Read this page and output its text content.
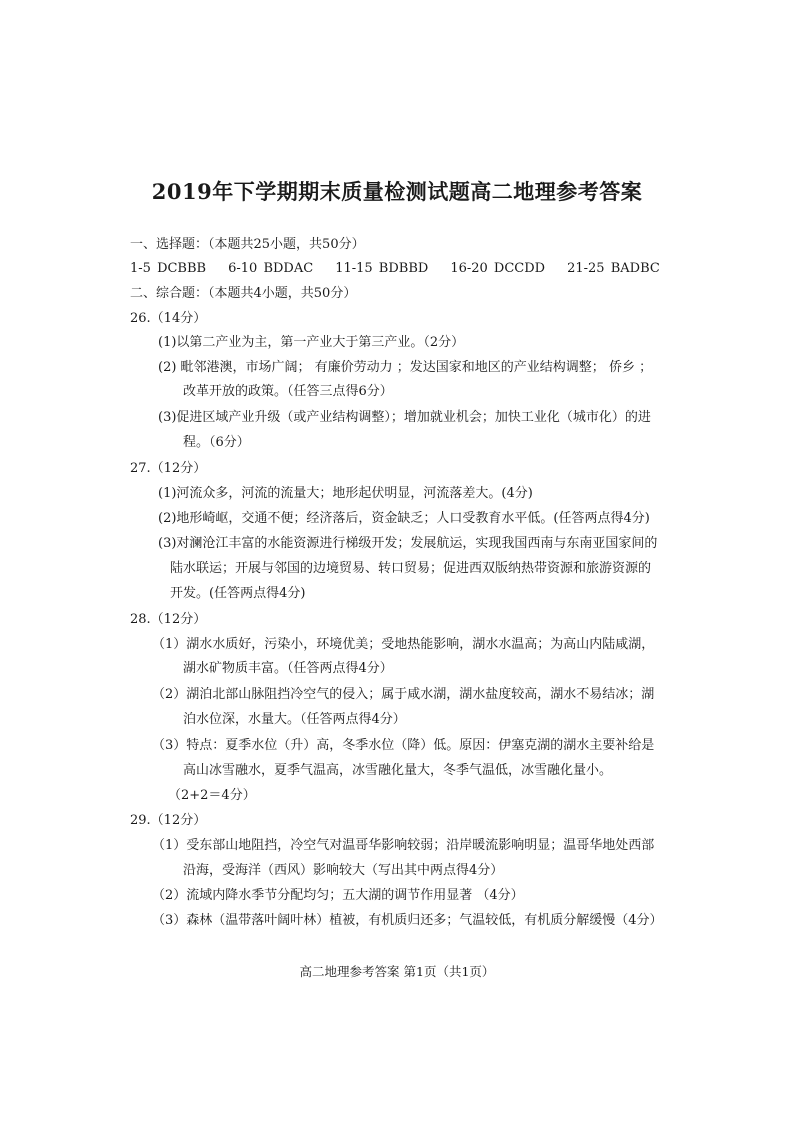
2019年下学期期末质量检测试题高二地理参考答案
一、选择题：（本题共25小题，共50分）
1-5 DCBBB 6-10 BDDAC 11-15 BDBBD 16-20 DCCDD 21-25 BADBC
二、综合题：（本题共4小题，共50分）
26.（14分）
(1)以第二产业为主，第一产业大于第三产业。（2分）
(2) 毗邻港澳，市场广阔； 有廉价劳动力 ；发达国家和地区的产业结构调整； 侨乡 ；
改革开放的政策。（任答三点得6分）
(3)促进区域产业升级（或产业结构调整）；增加就业机会；加快工业化（城市化）的进
程。（6分）
27.（12分）
(1)河流众多，河流的流量大；地形起伏明显，河流落差大。(4分)
(2)地形崎岖，交通不便；经济落后，资金缺乏；人口受教育水平低。(任答两点得4分)
(3)对澜沧江丰富的水能资源进行梯级开发；发展航运，实现我国西南与东南亚国家间的
陆水联运；开展与邻国的边境贸易、转口贸易；促进西双版纳热带资源和旅游资源的
开发。(任答两点得4分)
28.（12分）
（1）湖水水质好，污染小，环境优美；受地热能影响，湖水水温高；为高山内陆咸湖，
湖水矿物质丰富。（任答两点得4分）
（2）湖泊北部山脉阻挡冷空气的侵入；属于咸水湖，湖水盐度较高，湖水不易结冰；湖
泊水位深，水量大。（任答两点得4分）
（3）特点：夏季水位（升）高，冬季水位（降）低。原因：伊塞克湖的湖水主要补给是
高山冰雪融水，夏季气温高，冰雪融化量大，冬季气温低，冰雪融化量小。
（2+2＝4分）
29.（12分）
（1）受东部山地阻挡，冷空气对温哥华影响较弱；沿岸暖流影响明显；温哥华地处西部
沿海，受海洋（西风）影响较大（写出其中两点得4分）
（2）流域内降水季节分配均匀；五大湖的调节作用显著 （4分）
（3）森林（温带落叶阔叶林）植被，有机质归还多；气温较低，有机质分解缓慢（4分）
高二地理参考答案 第1页（共1页）
